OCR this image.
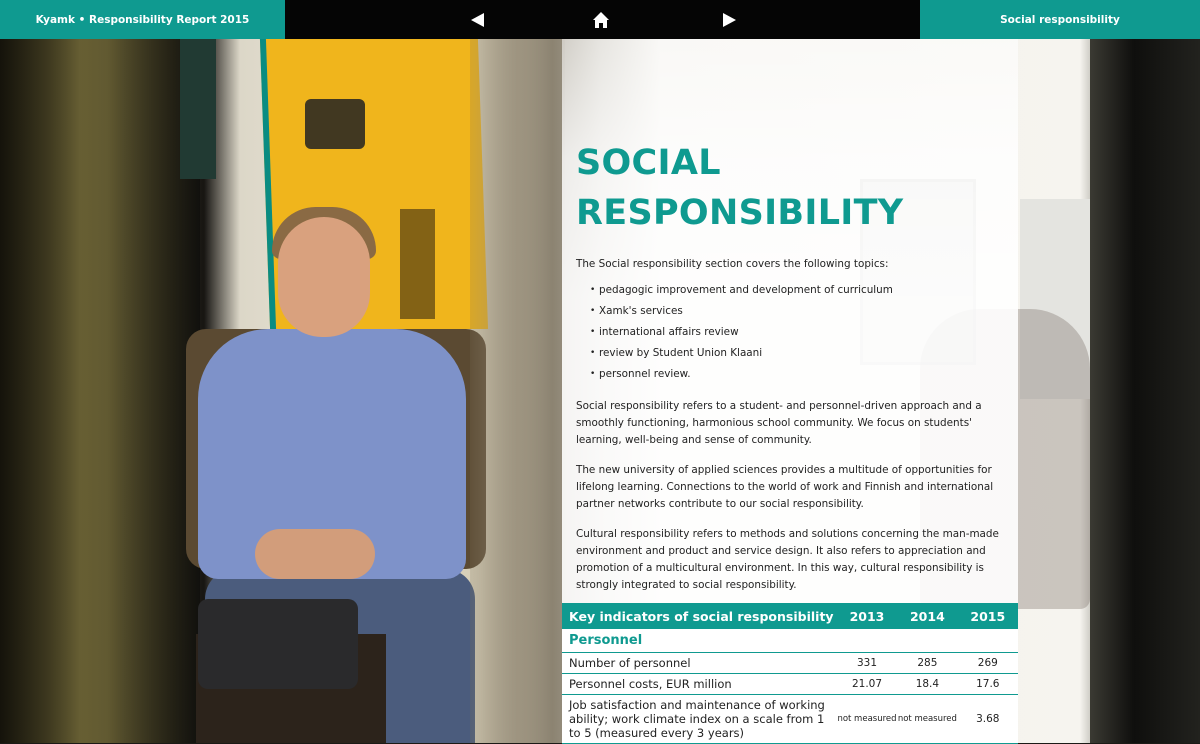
Kyamk • Responsibility Report 2015	Social responsibility
SOCIAL
RESPONSIBILITY

The Social responsibility section covers the following topics:

• pedagogic improvement and development of curriculum
• Xamk's services
• international affairs review
• review by Student Union Klaani
• personnel review.

Social responsibility refers to a student- and personnel-driven approach and a smoothly functioning, harmonious school community. We focus on students' learning, well-being and sense of community.

The new university of applied sciences provides a multitude of opportunities for lifelong learning. Connections to the world of work and Finnish and international partner networks contribute to our social responsibility.

Cultural responsibility refers to methods and solutions concerning the man-made environment and product and service design. It also refers to appreciation and promotion of a multicultural environment. In this way, cultural responsibility is strongly integrated to social responsibility.

Key indicators of social responsibility	2013	2014	2015
Personnel			
Number of personnel	331	285	269
Personnel costs, EUR million	21.07	18.4	17.6
Job satisfaction and maintenance of working ability; work climate index on a scale from 1 to 5 (measured every 3 years)	not measured	not measured	3.68
